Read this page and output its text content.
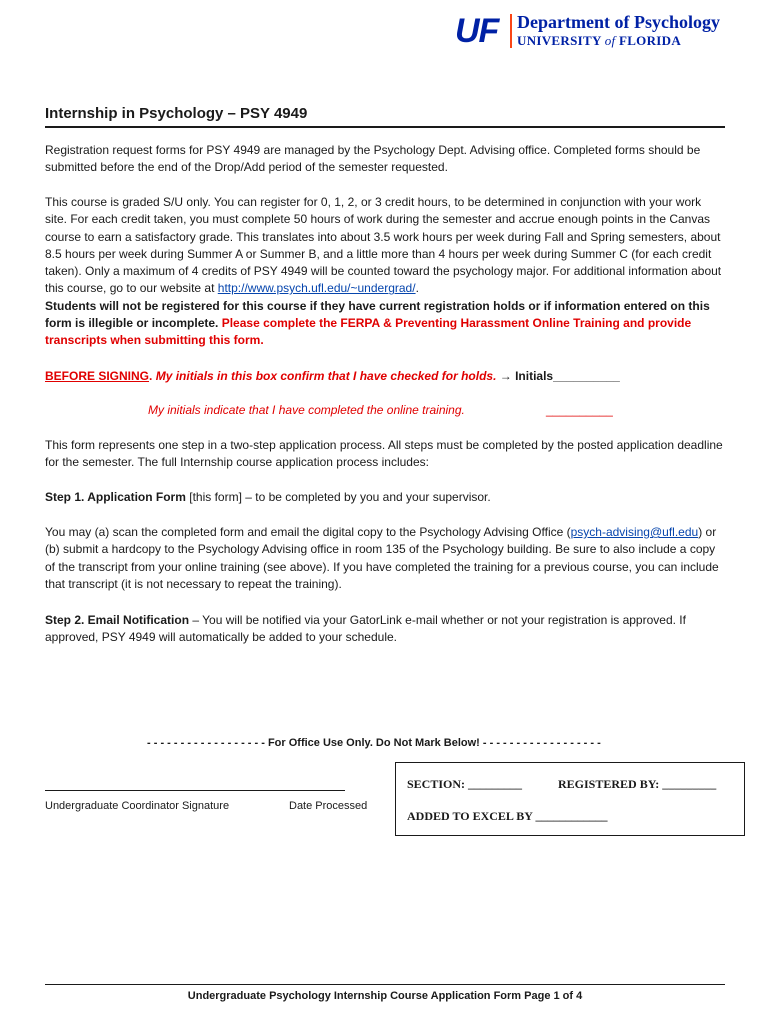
UF Department of Psychology
UNIVERSITY of FLORIDA
Internship in Psychology – PSY 4949
Registration request forms for PSY 4949 are managed by the Psychology Dept. Advising office. Completed forms should be submitted before the end of the Drop/Add period of the semester requested.
This course is graded S/U only. You can register for 0, 1, 2, or 3 credit hours, to be determined in conjunction with your work site. For each credit taken, you must complete 50 hours of work during the semester and accrue enough points in the Canvas course to earn a satisfactory grade. This translates into about 3.5 work hours per week during Fall and Spring semesters, about 8.5 hours per week during Summer A or Summer B, and a little more than 4 hours per week during Summer C (for each credit taken). Only a maximum of 4 credits of PSY 4949 will be counted toward the psychology major. For additional information about this course, go to our website at http://www.psych.ufl.edu/~undergrad/.
Students will not be registered for this course if they have current registration holds or if information entered on this form is illegible or incomplete. Please complete the FERPA & Preventing Harassment Online Training and provide transcripts when submitting this form.
BEFORE SIGNING. My initials in this box confirm that I have checked for holds. → Initials__________
My initials indicate that I have completed the online training.	__________
This form represents one step in a two-step application process. All steps must be completed by the posted application deadline for the semester. The full Internship course application process includes:
Step 1. Application Form [this form] – to be completed by you and your supervisor.
You may (a) scan the completed form and email the digital copy to the Psychology Advising Office (psych-advising@ufl.edu) or (b) submit a hardcopy to the Psychology Advising office in room 135 of the Psychology building. Be sure to also include a copy of the transcript from your online training (see above). If you have completed the training for a previous course, you can include that transcript (it is not necessary to repeat the training).
Step 2. Email Notification – You will be notified via your GatorLink e-mail whether or not your registration is approved. If approved, PSY 4949 will automatically be added to your schedule.
- - - - - - - - - - - - - - - - - - For Office Use Only. Do Not Mark Below! - - - - - - - - - - - - - - - - - -
Undergraduate Coordinator Signature	Date Processed
SECTION: _________	REGISTERED BY: _________
ADDED TO EXCEL BY ____________
Undergraduate Psychology Internship Course Application Form Page 1 of 4
